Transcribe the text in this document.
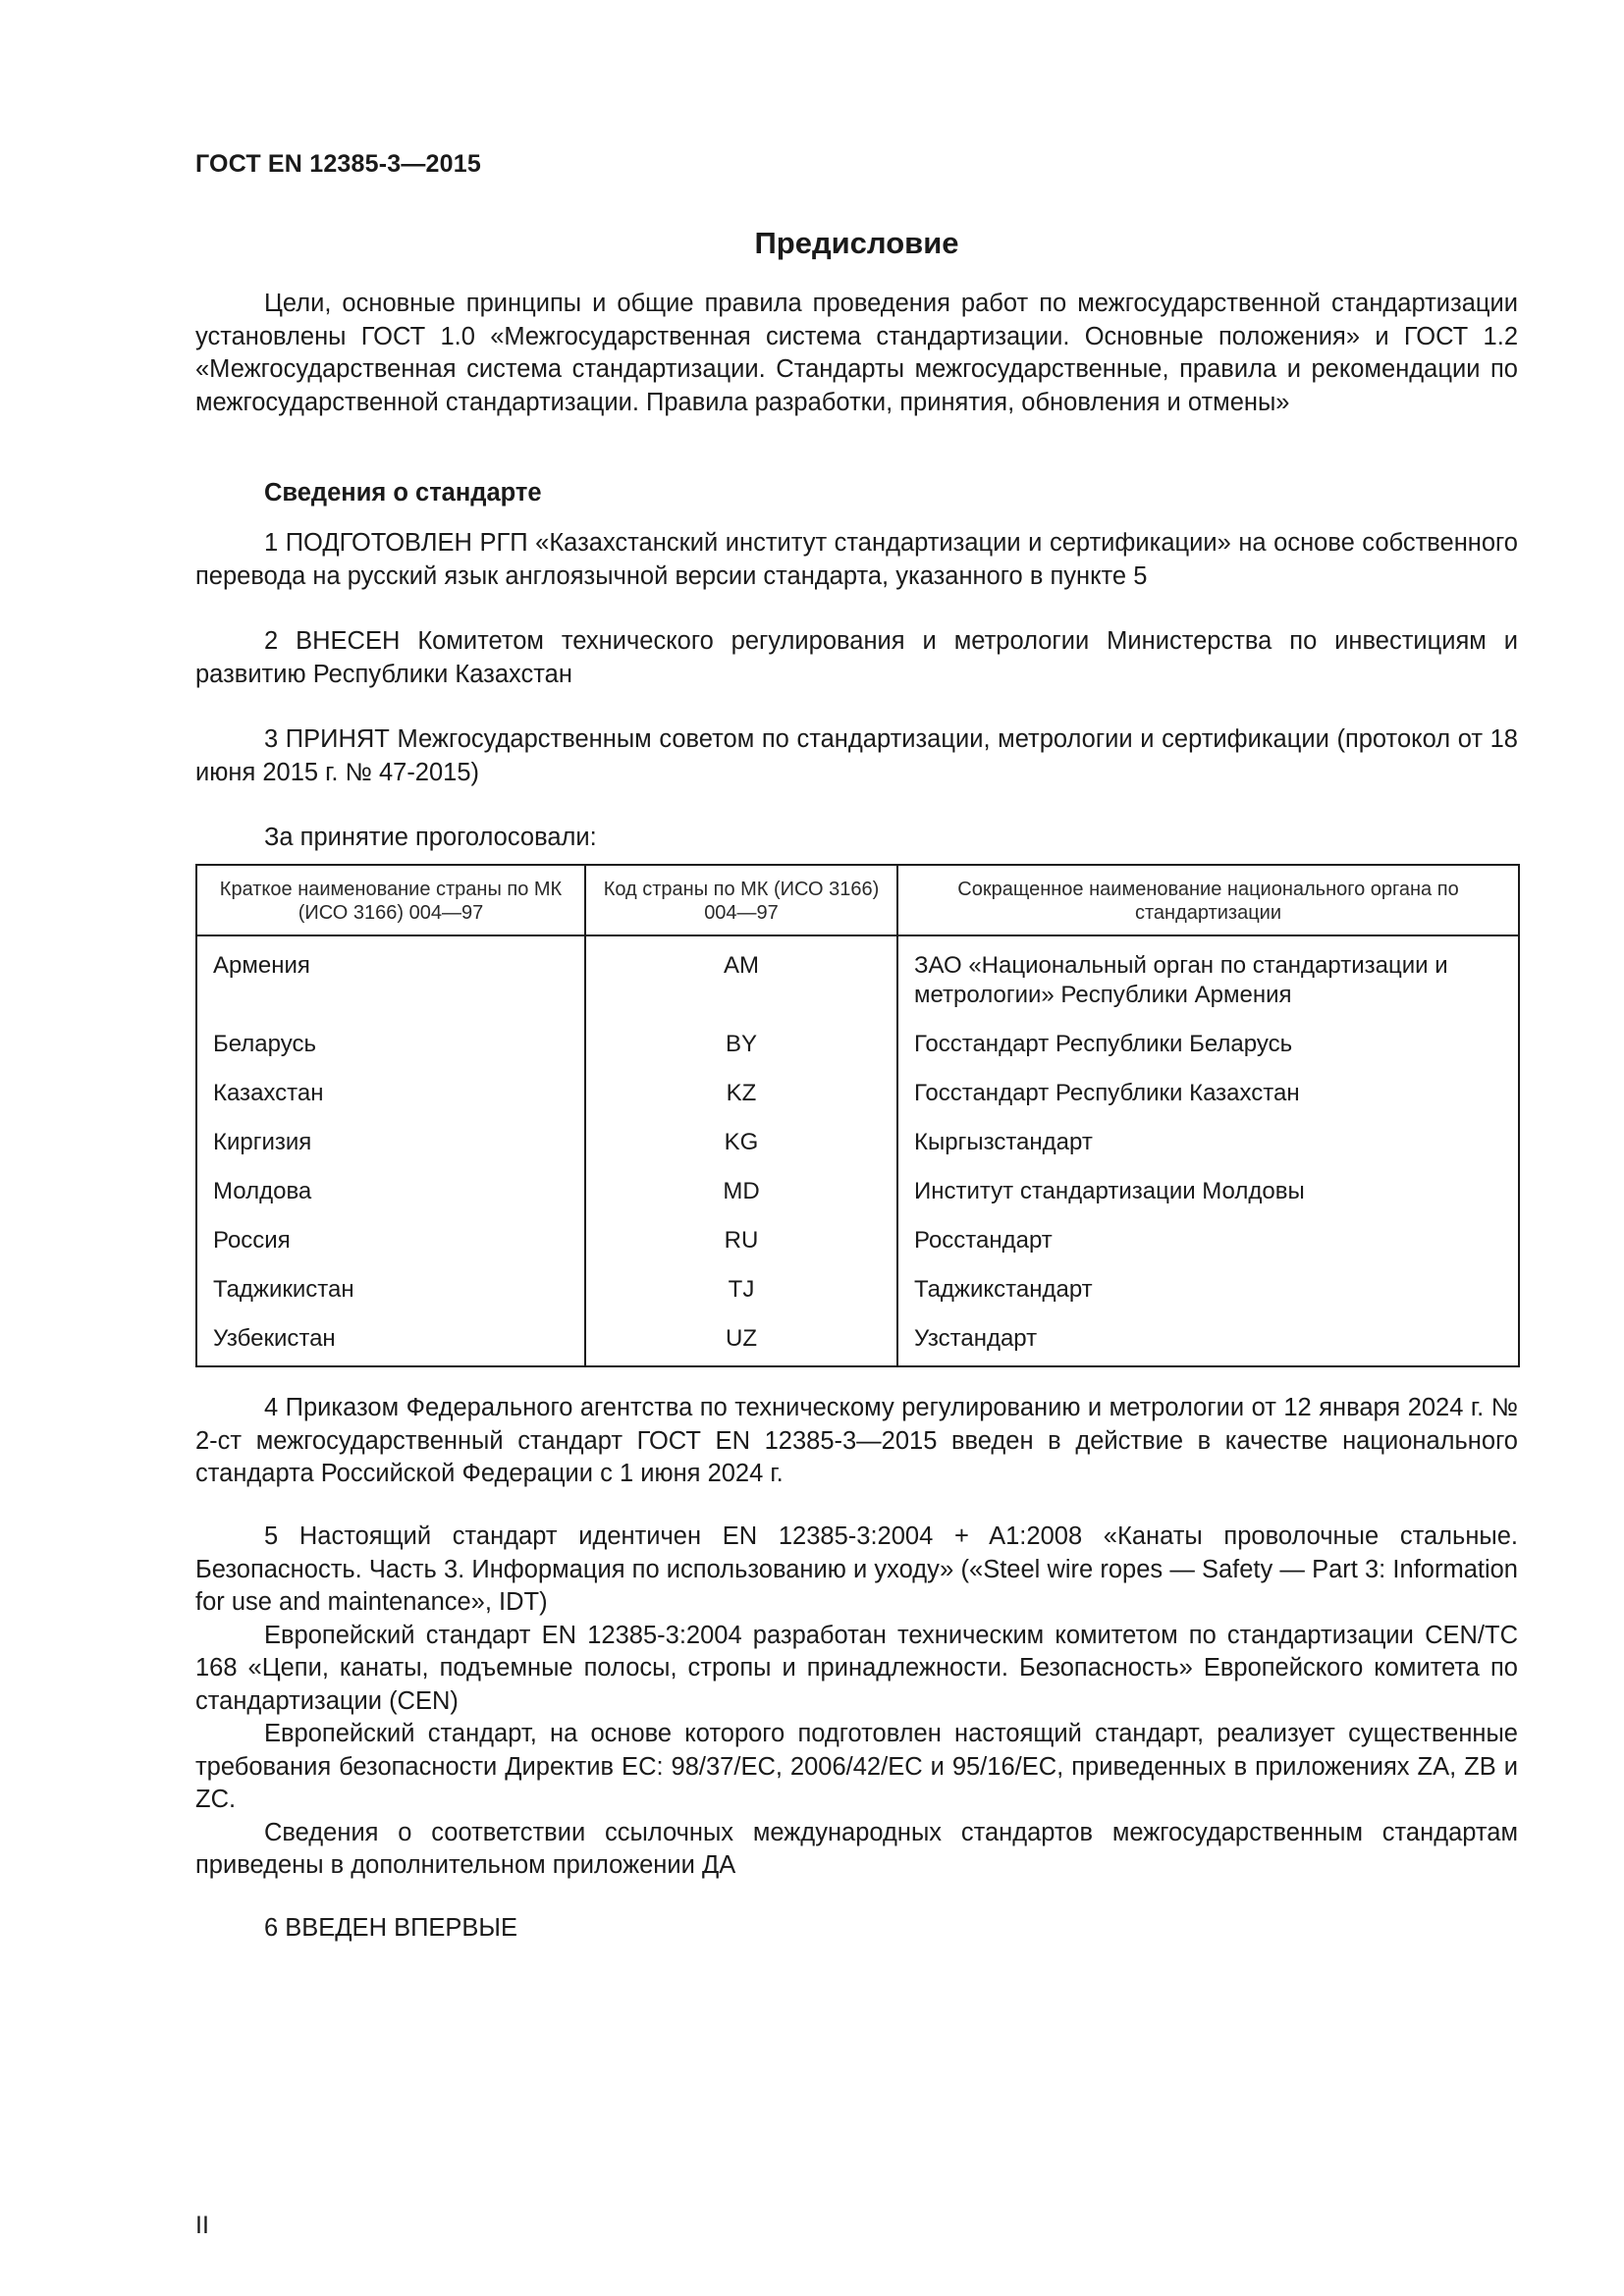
ГОСТ EN 12385-3—2015
Предисловие

Цели, основные принципы и общие правила проведения работ по межгосударственной стандартизации установлены ГОСТ 1.0 «Межгосударственная система стандартизации. Основные положения» и ГОСТ 1.2 «Межгосударственная система стандартизации. Стандарты межгосударственные, правила и рекомендации по межгосударственной стандартизации. Правила разработки, принятия, обновления и отмены»

Сведения о стандарте

1 ПОДГОТОВЛЕН РГП «Казахстанский институт стандартизации и сертификации» на основе собственного перевода на русский язык англоязычной версии стандарта, указанного в пункте 5

2 ВНЕСЕН Комитетом технического регулирования и метрологии Министерства по инвестициям и развитию Республики Казахстан

3 ПРИНЯТ Межгосударственным советом по стандартизации, метрологии и сертификации (протокол от 18 июня 2015 г. № 47-2015)

За принятие проголосовали:

Краткое наименование страны по МК (ИСО 3166) 004—97	Код страны по МК (ИСО 3166) 004—97	Сокращенное наименование национального органа по стандартизации
Армения	AM	ЗАО «Национальный орган по стандартизации и метрологии» Республики Армения
Беларусь	BY	Госстандарт Республики Беларусь
Казахстан	KZ	Госстандарт Республики Казахстан
Киргизия	KG	Кыргызстандарт
Молдова	MD	Институт стандартизации Молдовы
Россия	RU	Росстандарт
Таджикистан	TJ	Таджикстандарт
Узбекистан	UZ	Узстандарт

4 Приказом Федерального агентства по техническому регулированию и метрологии от 12 января 2024 г. № 2-ст межгосударственный стандарт ГОСТ EN 12385-3—2015 введен в действие в качестве национального стандарта Российской Федерации с 1 июня 2024 г.

5 Настоящий стандарт идентичен EN 12385-3:2004 + A1:2008 «Канаты проволочные стальные. Безопасность. Часть 3. Информация по использованию и уходу» («Steel wire ropes — Safety — Part 3: Information for use and maintenance», IDT)

Европейский стандарт EN 12385-3:2004 разработан техническим комитетом по стандартизации CEN/TC 168 «Цепи, канаты, подъемные полосы, стропы и принадлежности. Безопасность» Европейского комитета по стандартизации (CEN)

Европейский стандарт, на основе которого подготовлен настоящий стандарт, реализует существенные требования безопасности Директив ЕС: 98/37/EC, 2006/42/EC и 95/16/EC, приведенных в приложениях ZA, ZB и ZC.

Сведения о соответствии ссылочных международных стандартов межгосударственным стандартам приведены в дополнительном приложении ДА

6 ВВЕДЕН ВПЕРВЫЕ

II
